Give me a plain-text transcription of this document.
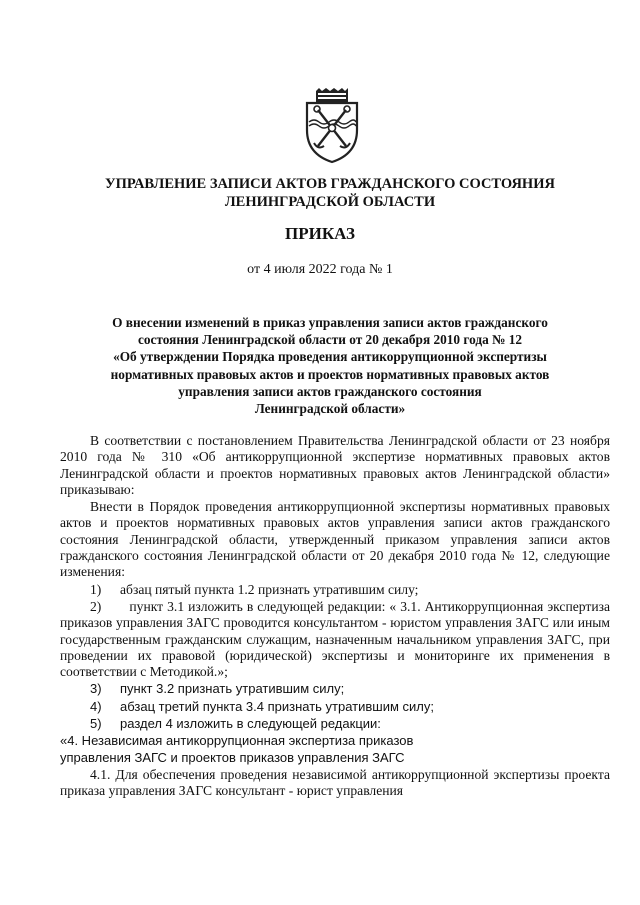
УПРАВЛЕНИЕ ЗАПИСИ АКТОВ ГРАЖДАНСКОГО СОСТОЯНИЯ
ЛЕНИНГРАДСКОЙ ОБЛАСТИ
ПРИКАЗ
от 4 июля 2022 года № 1
О внесении изменений в приказ управления записи актов гражданского
состояния Ленинградской области от 20 декабря 2010 года № 12
«Об утверждении Порядка проведения антикоррупционной экспертизы
нормативных правовых актов и проектов нормативных правовых актов
управления записи актов гражданского состояния
Ленинградской области»

В соответствии с постановлением Правительства Ленинградской области от 23 ноября 2010 года № 310 «Об антикоррупционной экспертизе нормативных правовых актов Ленинградской области и проектов нормативных правовых актов Ленинградской области» приказываю:

Внести в Порядок проведения антикоррупционной экспертизы нормативных правовых актов и проектов нормативных правовых актов управления записи актов гражданского состояния Ленинградской области, утвержденный приказом управления записи актов гражданского состояния Ленинградской области от 20 декабря 2010 года № 12, следующие изменения:

1) абзац пятый пункта 1.2 признать утратившим силу;

2) пункт 3.1 изложить в следующей редакции: « 3.1. Антикоррупционная экспертиза приказов управления ЗАГС проводится консультантом - юристом управления ЗАГС или иным государственным гражданским служащим, назначенным начальником управления ЗАГС, при проведении их правовой (юридической) экспертизы и мониторинге их применения в соответствии с Методикой.»;

3) пункт 3.2 признать утратившим силу;
4) абзац третий пункта 3.4 признать утратившим силу;
5) раздел 4 изложить в следующей редакции:
«4. Независимая антикоррупционная экспертиза приказов
управления ЗАГС и проектов приказов управления ЗАГС

4.1. Для обеспечения проведения независимой антикоррупционной экспертизы проекта приказа управления ЗАГС консультант - юрист управления
